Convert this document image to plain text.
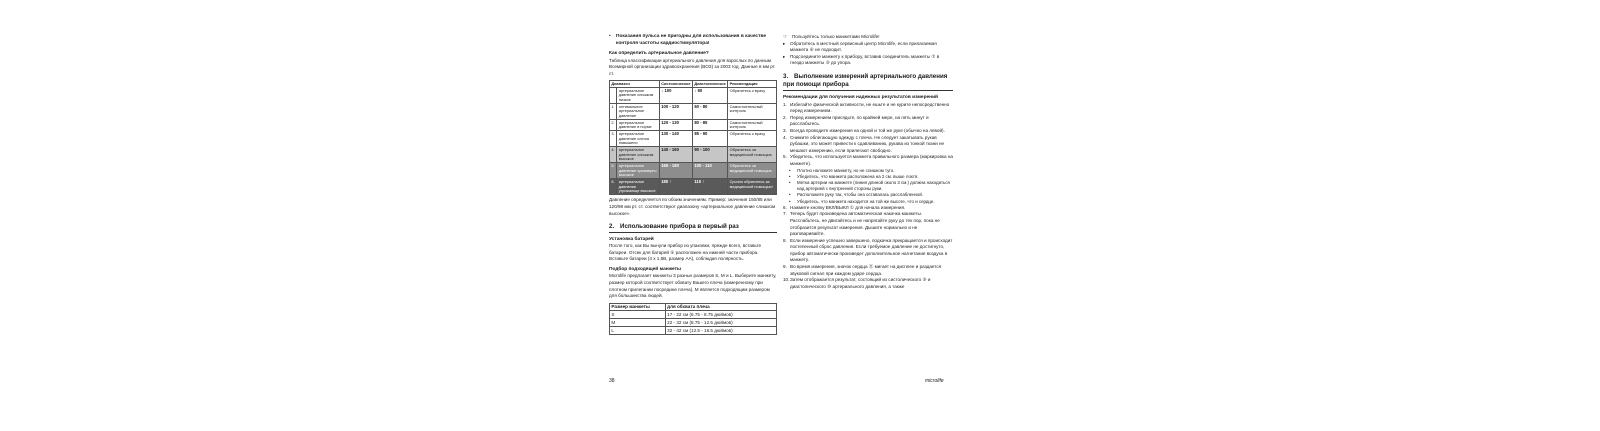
• Показания пульса не пригодны для использования в качестве контроля частоты кардиостимулятора!

Как определить артериальное давление?

Таблица классификации артериального давления для взрослых по данным Всемирной организации здравоохранения (ВОЗ) за 2003 год. Данные в мм рт. ст.

Диапазон		Систолическое	Диастолическое	Рекомендация
	артериальное давление слишком низкое	↓ 100	↓ 60	Обратитесь к врачу
1.	оптимальное артериальное давление	100 - 120	60 - 80	Самостоятельный контроль
2.	артериальное давление в норме	120 - 130	80 - 85	Самостоятельный контроль
3.	артериальное давление слегка повышено	130 - 140	85 - 90	Обратитесь к врачу
4.	артериальное давление слишком высокое	140 - 160	90 - 100	Обратитесь за медицинской помощью
5.	артериальное давление чрезмерно высокое	160 - 180	100 - 110	Обратитесь за медицинской помощью
6.	артериальное давление угрожающе высокое	180 ↑	110 ↑	Срочно обратитесь за медицинской помощью!

Давление определяется по обоим значениям. Пример: значения 150/85 или 120/98 мм рт. ст. соответствуют диапазону «артериальное давление слишком высокое».

2. Использование прибора в первый раз
Установка батарей

После того, как Вы вынули прибор из упаковки, прежде всего, вставьте батареи. Отсек для батарей ⑤ расположен на нижней части прибора. Вставьте батареи (4 x 1,5В, размер AA), соблюдая полярность.

Подбор подходящей манжеты

Microlife предлагает манжеты 3 разных размеров S, M и L. Выберите манжету, размер которой соответствует обхвату Вашего плеча (измеренному при плотном прилегании посредине плеча). M является подходящим размером для большинства людей.

Размер манжеты	для обхвата плеча
S	17 - 22 см (6.75 - 8.75 дюймов)
M	22 - 32 см (8.75 - 12.5 дюймов)
L	32 - 42 см (12.5 - 16.5 дюймов)

☞ Пользуйтесь только манжетами Microlife!

▸ Обратитесь в местный сервисный центр Microlife, если прилагаемая манжета ⑥ не подходит.

▸ Подсоедините манжету к прибору, вставив соединитель манжеты ⑦ в гнездо манжеты ③ до упора.

3. Выполнение измерений артериального давления при помощи прибора
Рекомендации для получения надежных результатов измерений
1. Избегайте физической активности, не ешьте и не курите непосредственно перед измерением.
2. Перед измерением присядьте, по крайней мере, на пять минут и расслабьтесь.
3. Всегда проводите измерения на одной и той же руке (обычно на левой).
4. Снимите облегающую одежду с плеча. Не следует закатывать рукав рубашки, это может привести к сдавливанию, рукава из тонкой ткани не мешают измерению, если прилегают свободно.
5. Убедитесь, что используется манжета правильного размера (маркировка на манжете).
• Плотно наложите манжету, но не слишком туго.
• Убедитесь, что манжета расположена на 2 см. выше локтя.
• Метка артерии на манжете (линия длиной около 3 см.) должна находиться над артерией с внутренней стороны руки.
• Расположите руку так, чтобы она оставалась расслабленной.
• Убедитесь, что манжета находится на той же высоте, что и сердце.
6. Нажмите кнопку ВКЛ/ВЫКЛ ① для начала измерения.
7. Теперь будет произведена автоматическая накачка манжеты. Расслабьтесь, не двигайтесь и не напрягайте руку до тех пор, пока не отобразится результат измерения. Дышите нормально и не разговаривайте.
8. Если измерение успешно завершено, подкачка прекращается и происходит постепенный сброс давления. Если требуемое давление не достигнуто, прибор автоматически произведет дополнительное нагнетание воздуха в манжету.
9. Во время измерения, значок сердца ⑪ мигает на дисплее и раздается звуковой сигнал при каждом ударе сердца.
10. Затем отображается результат, состоящий из систолического ⑨ и диастолического ⑩ артериального давления, а также
38	microlife
